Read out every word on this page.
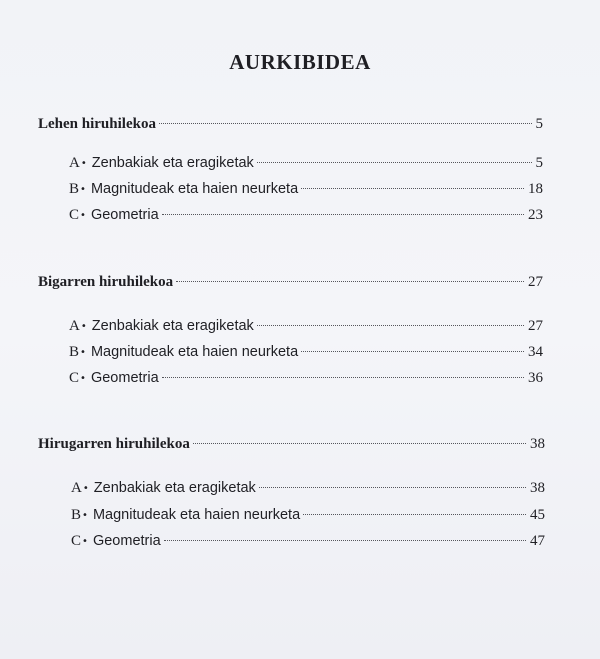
AURKIBIDEA
Lehen hiruhilekoa	5
A• Zenbakiak eta eragiketak	5
B• Magnitudeak eta haien neurketa	18
C• Geometria	23
Bigarren hiruhilekoa	27
A• Zenbakiak eta eragiketak	27
B• Magnitudeak eta haien neurketa	34
C• Geometria	36
Hirugarren hiruhilekoa	38
A• Zenbakiak eta eragiketak	38
B• Magnitudeak eta haien neurketa	45
C• Geometria	47
